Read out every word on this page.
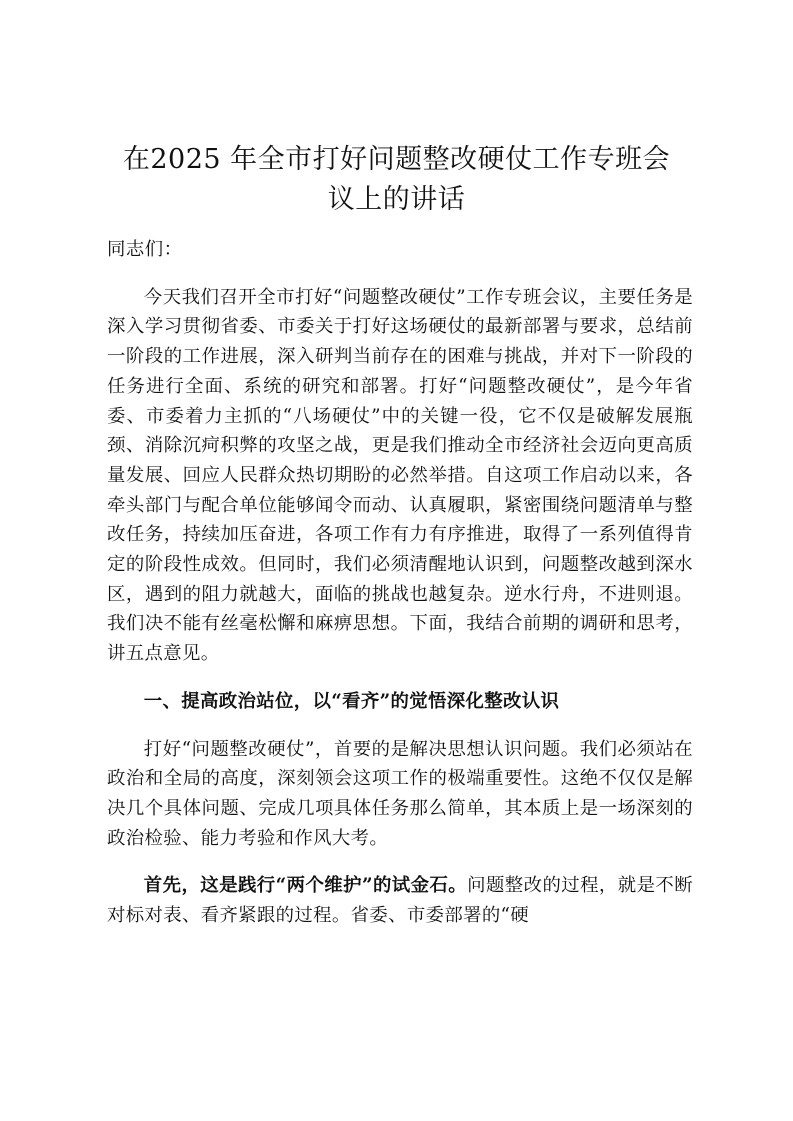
在2025 年全市打好问题整改硬仗工作专班会
议上的讲话

同志们：

今天我们召开全市打好“问题整改硬仗”工作专班会议，主要任务是深入学习贯彻省委、市委关于打好这场硬仗的最新部署与要求，总结前一阶段的工作进展，深入研判当前存在的困难与挑战，并对下一阶段的任务进行全面、系统的研究和部署。打好“问题整改硬仗”，是今年省委、市委着力主抓的“八场硬仗”中的关键一役，它不仅是破解发展瓶颈、消除沉疴积弊的攻坚之战，更是我们推动全市经济社会迈向更高质量发展、回应人民群众热切期盼的必然举措。自这项工作启动以来，各牵头部门与配合单位能够闻令而动、认真履职，紧密围绕问题清单与整改任务，持续加压奋进，各项工作有力有序推进，取得了一系列值得肯定的阶段性成效。但同时，我们必须清醒地认识到，问题整改越到深水区，遇到的阻力就越大，面临的挑战也越复杂。逆水行舟，不进则退。我们决不能有丝毫松懈和麻痹思想。下面，我结合前期的调研和思考，讲五点意见。

一、提高政治站位，以“看齐”的觉悟深化整改认识

打好“问题整改硬仗”，首要的是解决思想认识问题。我们必须站在政治和全局的高度，深刻领会这项工作的极端重要性。这绝不仅仅是解决几个具体问题、完成几项具体任务那么简单，其本质上是一场深刻的政治检验、能力考验和作风大考。

首先，这是践行“两个维护”的试金石。问题整改的过程，就是不断对标对表、看齐紧跟的过程。省委、市委部署的“硬
